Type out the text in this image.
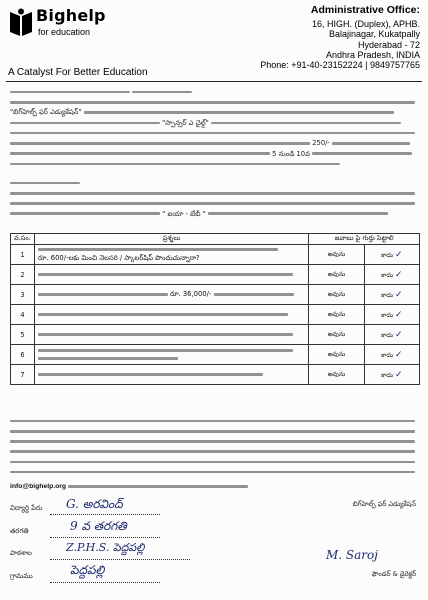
Bighelp
for education
A Catalyst For Better Education
Administrative Office:
16, HIGH. (Duplex), APHB.
Balajinagar, Kukatpally
Hyderabad - 72
Andhra Pradesh, INDIA
Phone: +91-40-23152224 | 9849757765

"బిగ్‌హెల్ప్ ఫర్ ఎడ్యుకేషన్"
"స్పాన్సర్ ఎ చైల్డ్"
250/-
5 నుండి 10వ
" ఐయా - బేబీ "
వ.సం.	ప్రశ్నలు	జవాబు పై గుర్తు పెట్టాలి	
1	రూ. 600/-లకు మించి నెలసరి / స్కాలర్‌షిప్ పొందుచున్నారా?	అవును	కాదు ✓
2		అవును	కాదు ✓
3	రూ. 36,000/-	అవును	కాదు ✓
4		అవును	కాదు ✓
5		అవును	కాదు ✓
6		అవును	కాదు ✓
7		అవును	కాదు ✓
info@bighelp.org
విద్యార్థి పేరు G. అరవింద్
తరగతి	9 వ తరగతి
పాఠశాల	Z.P.H.S. పెద్దపల్లి
గ్రామము	పెద్దపల్లి
బిగ్‌హెల్ప్ ఫర్ ఎడ్యుకేషన్
M. Saroj
ఫౌండర్ & డైరెక్టర్
